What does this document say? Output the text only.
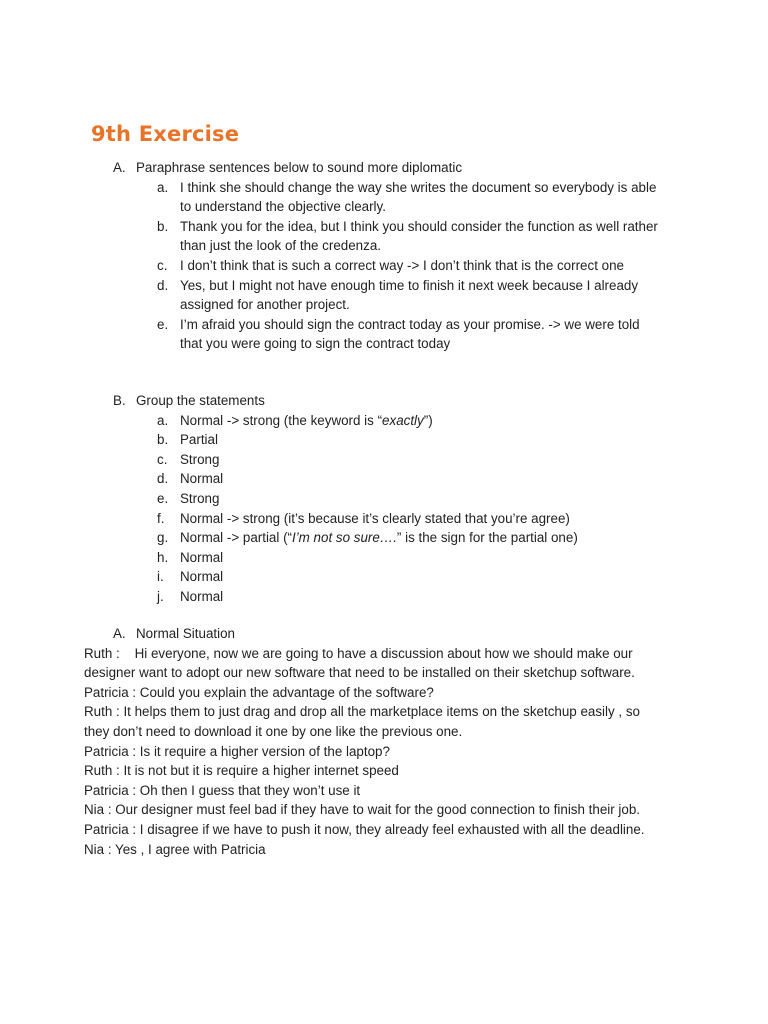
9th Exercise
A. Paraphrase sentences below to sound more diplomatic
a. I think she should change the way she writes the document so everybody is able
to understand the objective clearly.
b. Thank you for the idea, but I think you should consider the function as well rather
than just the look of the credenza.
c. I don’t think that is such a correct way -> I don’t think that is the correct one
d. Yes, but I might not have enough time to finish it next week because I already
assigned for another project.
e. I’m afraid you should sign the contract today as your promise. -> we were told
that you were going to sign the contract today
B. Group the statements
a. Normal -> strong (the keyword is “exactly”)
b. Partial
c. Strong
d. Normal
e. Strong
f. Normal -> strong (it’s because it’s clearly stated that you’re agree)
g. Normal -> partial (“I’m not so sure….” is the sign for the partial one)
h. Normal
i. Normal
j. Normal
A. Normal Situation
Ruth :    Hi everyone, now we are going to have a discussion about how we should make our
designer want to adopt our new software that need to be installed on their sketchup software.
Patricia : Could you explain the advantage of the software?
Ruth : It helps them to just drag and drop all the marketplace items on the sketchup easily , so
they don’t need to download it one by one like the previous one.
Patricia : Is it require a higher version of the laptop?
Ruth : It is not but it is require a higher internet speed
Patricia : Oh then I guess that they won’t use it
Nia : Our designer must feel bad if they have to wait for the good connection to finish their job.
Patricia : I disagree if we have to push it now, they already feel exhausted with all the deadline.
Nia : Yes , I agree with Patricia
